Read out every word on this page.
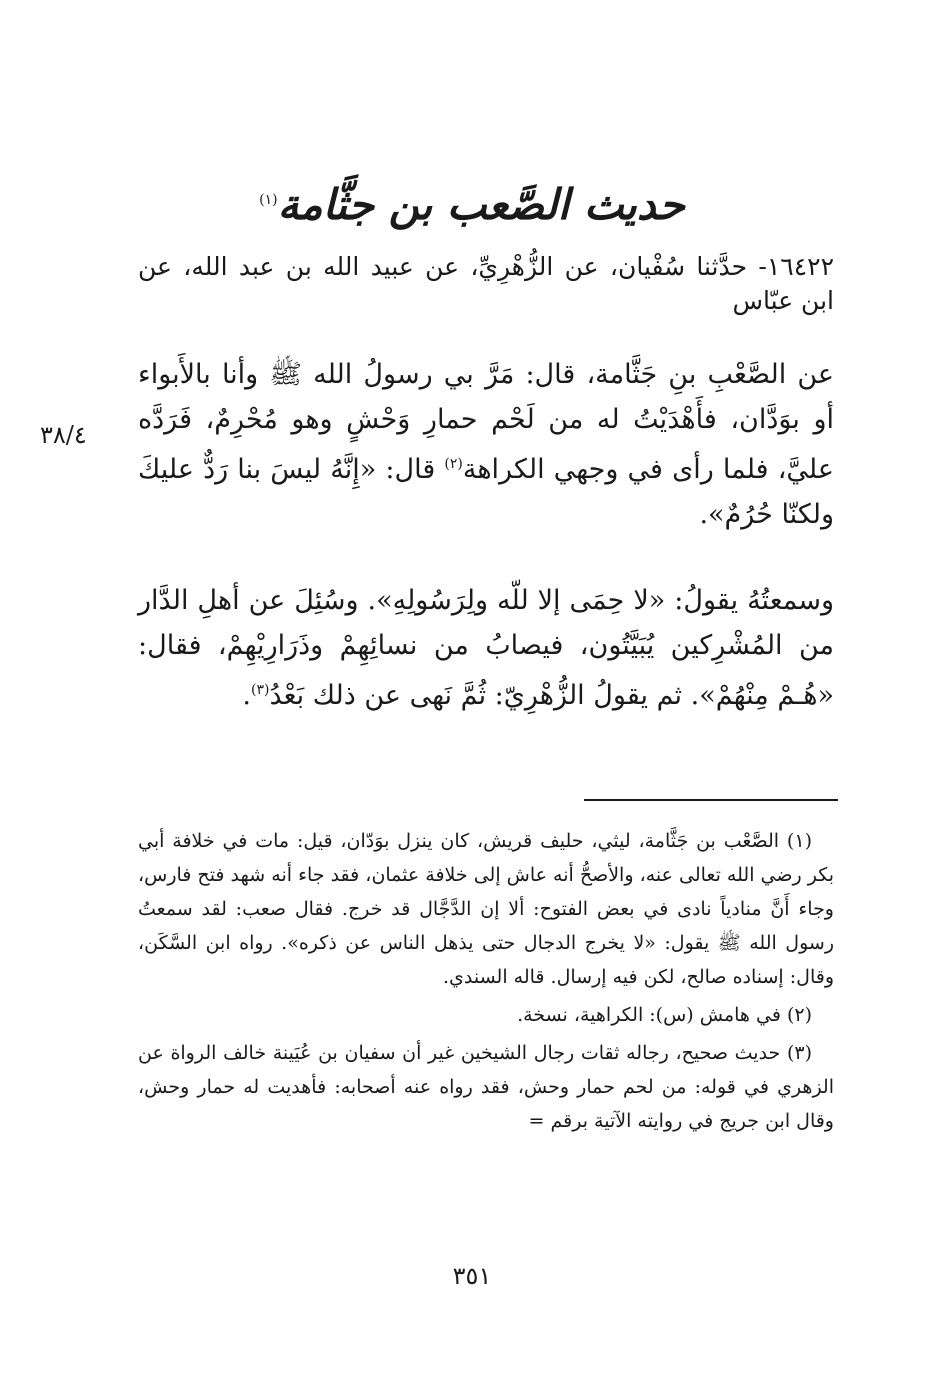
حديث الصَّعب بن جثَّامة$^{(١)}$

١٦٤٢٢- حدَّثنا سُفْيان، عن الزُّهْرِيِّ، عن عبيد الله بن عبد الله، عن ابن عبّاس

عن الصَّعْبِ بنِ جَثَّامة، قال: مَرَّ بي رسولُ الله ﷺ وأنا بالأَبواء أو بوَدَّان، فأَهْدَيْتُ له من لَحْم حمارِ وَحْشٍ وهو مُحْرِمٌ، فَرَدَّه عليَّ، فلما رأى في وجهي الكراهة$^{(٢)}$ قال: «إِنَّهُ ليسَ بنا رَدٌّ عليكَ ولكنّا حُرُمٌ».

٣٨/٤

وسمعتُهُ يقولُ: «لا حِمَى إلا للّه ولِرَسُولِهِ». وسُئِلَ عن أهلِ الدَّار من المُشْرِكين يُبَيَّتُون، فيصابُ من نسائِهِمْ وذَرَارِيْهِمْ، فقال: «هُـمْ مِنْهُمْ». ثم يقولُ الزُّهْرِيّ: ثُمَّ نَهى عن ذلك بَعْدُ$^{(٣)}$.

(١) الصَّعْب بن جَثَّامة، ليثي، حليف قريش، كان ينزل بوَدّان، قيل: مات في خلافة أبي بكر رضي الله تعالى عنه، والأصحُّ أنه عاش إلى خلافة عثمان، فقد جاء أنه شهد فتح فارس، وجاء أَنَّ منادياً نادى في بعض الفتوح: ألا إن الدَّجَّال قد خرج. فقال صعب: لقد سمعتُ رسول الله ﷺ يقول: «لا يخرج الدجال حتى يذهل الناس عن ذكره». رواه ابن السَّكَن، وقال: إسناده صالح، لكن فيه إرسال. قاله السندي.

(٢) في هامش (س): الكراهية، نسخة.

(٣) حديث صحيح، رجاله ثقات رجال الشيخين غير أن سفيان بن عُيَينة خالف الرواة عن الزهري في قوله: من لحم حمار وحش، فقد رواه عنه أصحابه: فأهديت له حمار وحش، وقال ابن جريج في روايته الآتية برقم =

٣٥١
